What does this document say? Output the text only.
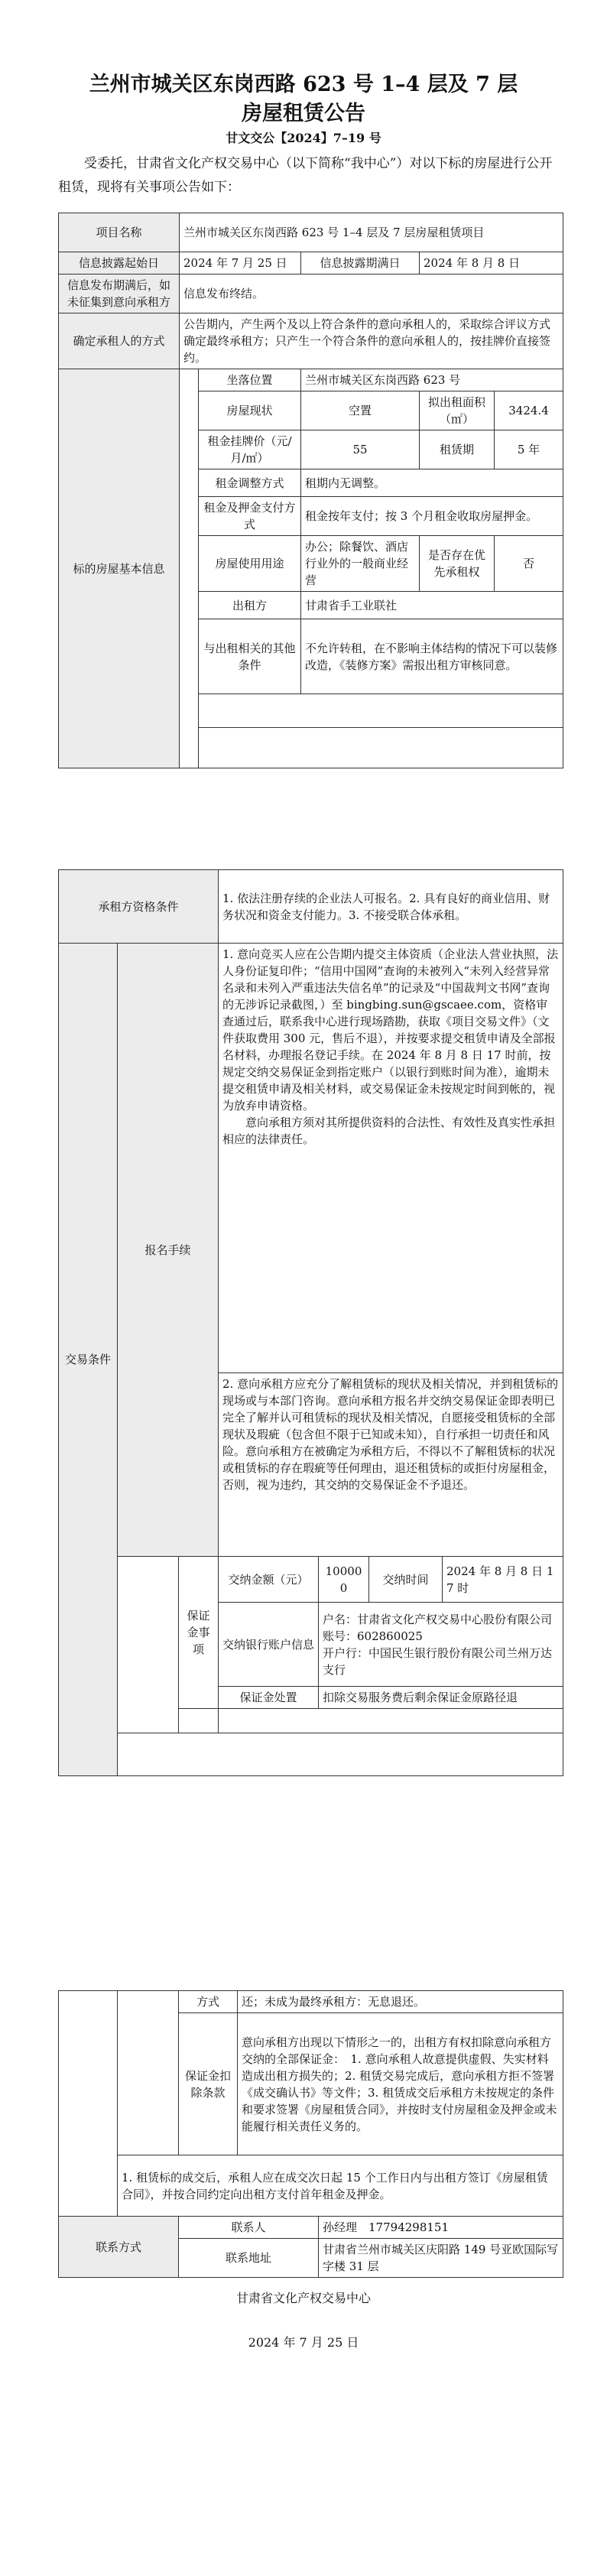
兰州市城关区东岗西路 623 号 1–4 层及 7 层
房屋租赁公告
甘文交公【2024】7–19 号
受委托，甘肃省文化产权交易中心（以下简称“我中心”）对以下标的房屋进行公开租赁，现将有关事项公告如下：
项目名称	兰州市城关区东岗西路 623 号 1–4 层及 7 层房屋租赁项目				
信息披露起始日	2024 年 7 月 25 日		信息披露期满日	2024 年 8 月 8 日	
信息发布期满后，如未征集到意向承租方	信息发布终结。				
确定承租人的方式	公告期内，产生两个及以上符合条件的意向承租人的，采取综合评议方式确定最终承租方；只产生一个符合条件的意向承租人的，按挂牌价直接签约。				
标的房屋基本信息		坐落位置	兰州市城关区东岗西路 623 号		
		房屋现状	空置	拟出租面积（㎡）	3424.4
		租金挂牌价（元/月/㎡）	55	租赁期	5 年
		租金调整方式	租期内无调整。		
		租金及押金支付方式	租金按年支付；按 3 个月租金收取房屋押金。		
		房屋使用用途	办公；除餐饮、酒店行业外的一般商业经营	是否存在优先承租权	否
		出租方	甘肃省手工业联社		
		与出租相关的其他条件	不允许转租，在不影响主体结构的情况下可以装修改造，《装修方案》需报出租方审核同意。		

承租方资格条件			1. 依法注册存续的企业法人可报名。2. 具有良好的商业信用、财务状况和资金支付能力。3. 不接受联合体承租。			
交易条件	报名手续		1. 意向竞买人应在公告期内提交主体资质（企业法人营业执照，法人身份证复印件；“信用中国网”查询的未被列入“未列入经营异常名录和未列入严重违法失信名单”的记录及“中国裁判文书网”查询的无涉诉记录截图，）至 bingbing.sun@gscaee.com，资格审查通过后，联系我中心进行现场踏勘，获取《项目交易文件》（文件获取费用 300 元，售后不退），并按要求提交租赁申请及全部报名材料，办理报名登记手续。在 2024 年 8 月 8 日 17 时前，按规定交纳交易保证金到指定账户（以银行到账时间为准），逾期未提交租赁申请及相关材料，或交易保证金未按规定时间到帐的，视为放弃申请资格。
意向承租方须对其所提供资料的合法性、有效性及真实性承担相应的法律责任。			

			2. 意向承租方应充分了解租赁标的现状及相关情况，并到租赁标的现场或与本部门咨询。意向承租方报名并交纳交易保证金即表明已完全了解并认可租赁标的现状及相关情况，自愿接受租赁标的全部现状及瑕疵（包含但不限于已知或未知），自行承担一切责任和风险。意向承租方在被确定为承租方后，不得以不了解租赁标的状况或租赁标的存在瑕疵等任何理由，退还租赁标的或拒付房屋租金，否则，视为违约，其交纳的交易保证金不予退还。			
		保证金事项	交纳金额（元）	100000	交纳时间	2024 年 8 月 8 日 17 时
			交纳银行账户信息	户名：甘肃省文化产权交易中心股份有限公司
账号：602860025
开户行：中国民生银行股份有限公司兰州万达支行		

			保证金处置	扣除交易服务费后剩余保证金原路径退		

		方式	还；未成为最终承租方：无息退还。	
		保证金扣除条款	意向承租方出现以下情形之一的，出租方有权扣除意向承租方交纳的全部保证金：　1. 意向承租人故意提供虚假、失实材料造成出租方损失的；2. 租赁交易完成后，意向承租方拒不签署《成交确认书》等文件；3. 租赁成交后承租方未按规定的条件和要求签署《房屋租赁合同》，并按时支付房屋租金及押金或未能履行相关责任义务的。	
	1. 租赁标的成交后，承租人应在成交次日起 15 个工作日内与出租方签订《房屋租赁合同》，并按合同约定向出租方支付首年租金及押金。			
联系方式		联系人		孙经理　17794298151
		联系地址		甘肃省兰州市城关区庆阳路 149 号亚欧国际写字楼 31 层
甘肃省文化产权交易中心
2024 年 7 月 25 日
